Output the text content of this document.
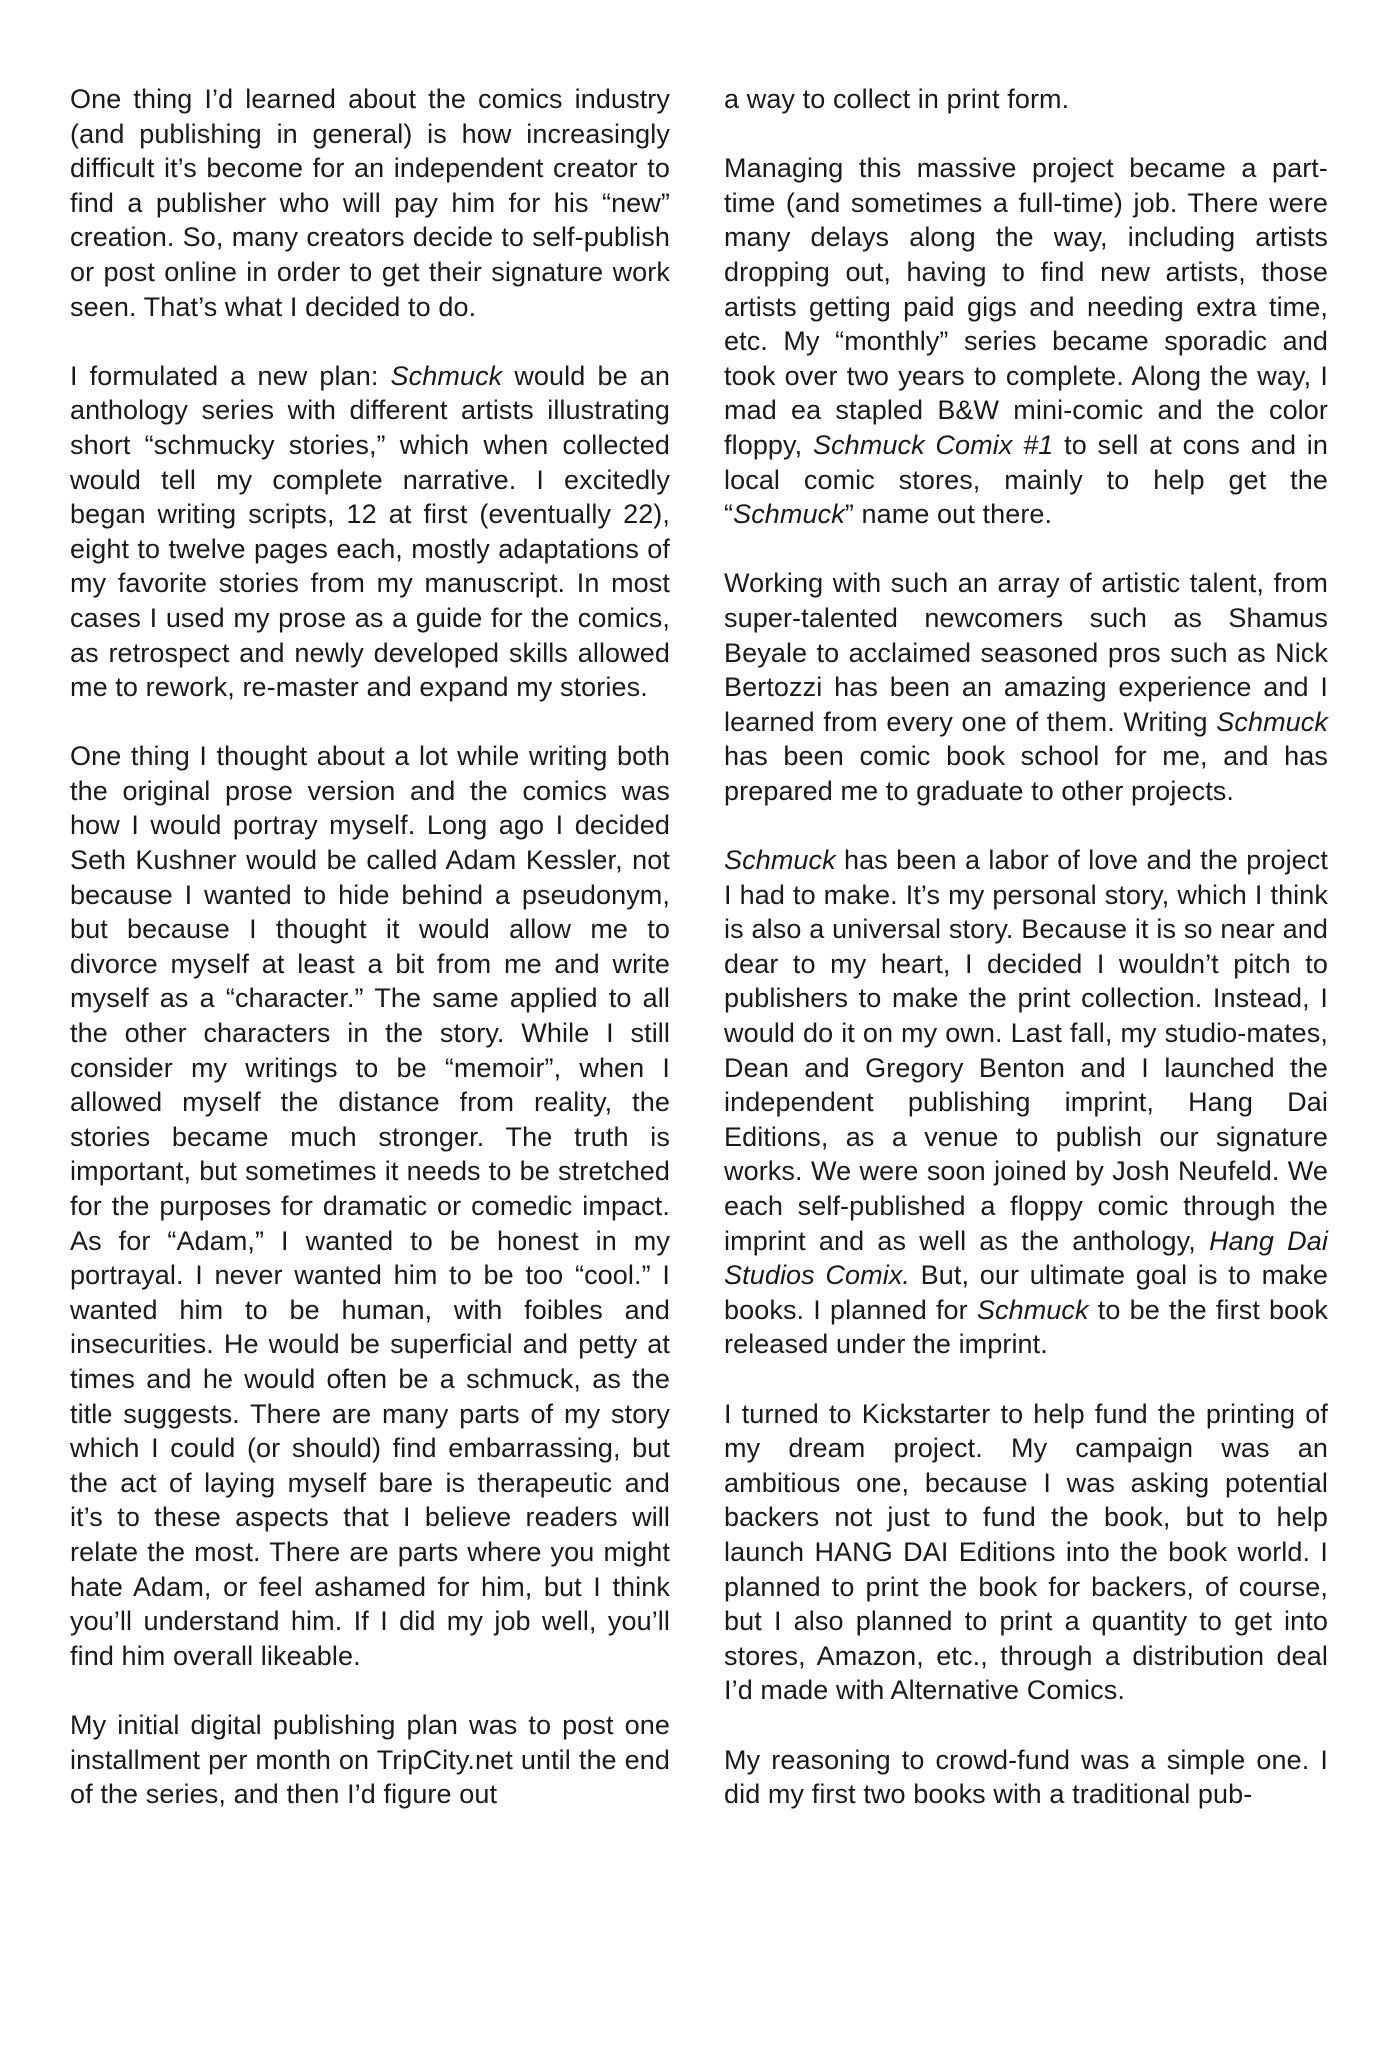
One thing I’d learned about the comics industry (and publishing in general) is how increasingly difficult it’s become for an independent creator to find a publisher who will pay him for his “new” creation. So, many creators decide to self-publish or post online in order to get their signature work seen. That’s what I decided to do.

I formulated a new plan: Schmuck would be an anthology series with different artists illustrating short “schmucky stories,” which when collected would tell my complete narrative. I excitedly began writing scripts, 12 at first (eventually 22), eight to twelve pages each, mostly adaptations of my favorite stories from my manuscript. In most cases I used my prose as a guide for the comics, as retrospect and newly developed skills allowed me to rework, re-master and expand my stories.

One thing I thought about a lot while writing both the original prose version and the comics was how I would portray myself. Long ago I decided Seth Kushner would be called Adam Kessler, not because I wanted to hide behind a pseudonym, but because I thought it would allow me to divorce myself at least a bit from me and write myself as a “character.” The same applied to all the other characters in the story. While I still consider my writings to be “memoir”, when I allowed myself the distance from reality, the stories became much stronger. The truth is important, but sometimes it needs to be stretched for the purposes for dramatic or comedic impact. As for “Adam,” I wanted to be honest in my portrayal. I never wanted him to be too “cool.” I wanted him to be human, with foibles and insecurities. He would be superficial and petty at times and he would often be a schmuck, as the title suggests. There are many parts of my story which I could (or should) find embarrassing, but the act of laying myself bare is therapeutic and it’s to these aspects that I believe readers will relate the most. There are parts where you might hate Adam, or feel ashamed for him, but I think you’ll understand him. If I did my job well, you’ll find him overall likeable.

My initial digital publishing plan was to post one installment per month on TripCity.net until the end of the series, and then I’d figure out

a way to collect in print form.

Managing this massive project became a part-time (and sometimes a full-time) job. There were many delays along the way, including artists dropping out, having to find new artists, those artists getting paid gigs and needing extra time, etc. My “monthly” series became sporadic and took over two years to complete. Along the way, I mad ea stapled B&W mini-comic and the color floppy, Schmuck Comix #1 to sell at cons and in local comic stores, mainly to help get the “Schmuck” name out there.

Working with such an array of artistic talent, from super-talented newcomers such as Shamus Beyale to acclaimed seasoned pros such as Nick Bertozzi has been an amazing experience and I learned from every one of them. Writing Schmuck has been comic book school for me, and has prepared me to graduate to other projects.

Schmuck has been a labor of love and the project I had to make. It’s my personal story, which I think is also a universal story. Because it is so near and dear to my heart, I decided I wouldn’t pitch to publishers to make the print collection. Instead, I would do it on my own. Last fall, my studio-mates, Dean and Gregory Benton and I launched the independent publishing imprint, Hang Dai Editions, as a venue to publish our signature works. We were soon joined by Josh Neufeld. We each self-published a floppy comic through the imprint and as well as the anthology, Hang Dai Studios Comix. But, our ultimate goal is to make books. I planned for Schmuck to be the first book released under the imprint.

I turned to Kickstarter to help fund the printing of my dream project. My campaign was an ambitious one, because I was asking potential backers not just to fund the book, but to help launch HANG DAI Editions into the book world. I planned to print the book for backers, of course, but I also planned to print a quantity to get into stores, Amazon, etc., through a distribution deal I’d made with Alternative Comics.

My reasoning to crowd-fund was a simple one. I did my first two books with a traditional pub-
